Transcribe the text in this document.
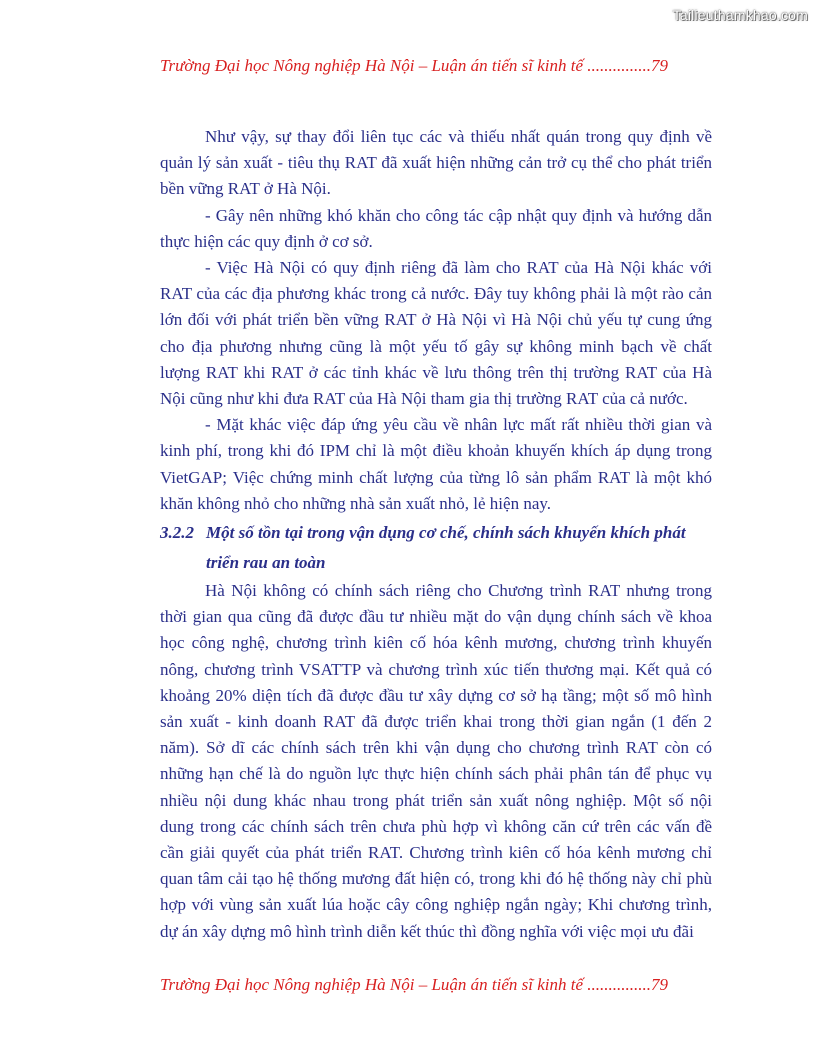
Tailieuthamkhao.com
Trường Đại học Nông nghiệp Hà Nội – Luận án tiến sĩ kinh tế ...............79

Như vậy, sự thay đổi liên tục các và thiếu nhất quán trong quy định về quản lý sản xuất - tiêu thụ RAT đã xuất hiện những cản trở cụ thể cho phát triển bền vững RAT ở Hà Nội.

- Gây nên những khó khăn cho công tác cập nhật quy định và hướng dẫn thực hiện các quy định ở cơ sở.

- Việc Hà Nội có quy định riêng đã làm cho RAT của Hà Nội khác với RAT của các địa phương khác trong cả nước. Đây tuy không phải là một rào cản lớn đối với phát triển bền vững RAT ở Hà Nội vì Hà Nội chủ yếu tự cung ứng cho địa phương nhưng cũng là một yếu tố gây sự không minh bạch về chất lượng RAT khi RAT ở các tỉnh khác về lưu thông trên thị trường RAT của Hà Nội cũng như khi đưa RAT của Hà Nội tham gia thị trường RAT của cả nước.

- Mặt khác việc đáp ứng yêu cầu về nhân lực mất rất nhiều thời gian và kinh phí, trong khi đó IPM chỉ là một điều khoản khuyến khích áp dụng trong VietGAP; Việc chứng minh chất lượng của từng lô sản phẩm RAT là một khó khăn không nhỏ cho những nhà sản xuất nhỏ, lẻ hiện nay.

3.2.2 Một số tồn tại trong vận dụng cơ chế, chính sách khuyến khích phát triển rau an toàn

Hà Nội không có chính sách riêng cho Chương trình RAT nhưng trong thời gian qua cũng đã được đầu tư nhiều mặt do vận dụng chính sách về khoa học công nghệ, chương trình kiên cố hóa kênh mương, chương trình khuyến nông, chương trình VSATTP và chương trình xúc tiến thương mại. Kết quả có khoảng 20% diện tích đã được đầu tư xây dựng cơ sở hạ tầng; một số mô hình sản xuất - kinh doanh RAT đã được triển khai trong thời gian ngắn (1 đến 2 năm). Sở dĩ các chính sách trên khi vận dụng cho chương trình RAT còn có những hạn chế là do nguồn lực thực hiện chính sách phải phân tán để phục vụ nhiều nội dung khác nhau trong phát triển sản xuất nông nghiệp. Một số nội dung trong các chính sách trên chưa phù hợp vì không căn cứ trên các vấn đề cần giải quyết của phát triển RAT. Chương trình kiên cố hóa kênh mương chỉ quan tâm cải tạo hệ thống mương đất hiện có, trong khi đó hệ thống này chỉ phù hợp với vùng sản xuất lúa hoặc cây công nghiệp ngắn ngày; Khi chương trình, dự án xây dựng mô hình trình diễn kết thúc thì đồng nghĩa với việc mọi ưu đãi

Trường Đại học Nông nghiệp Hà Nội – Luận án tiến sĩ kinh tế ...............79
